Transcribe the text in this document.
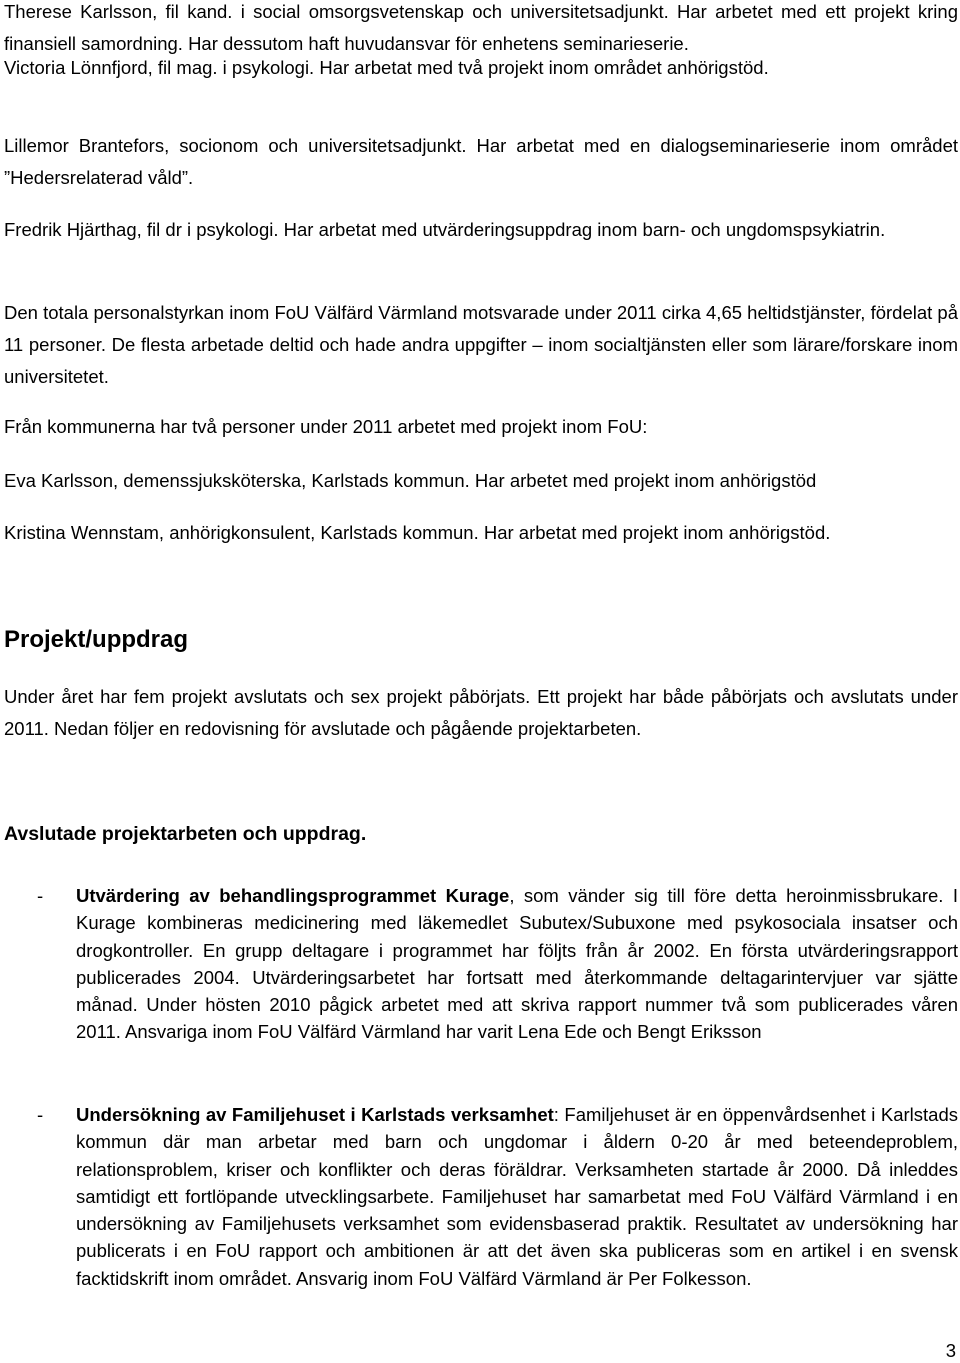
Therese Karlsson, fil kand. i social omsorgsvetenskap och universitetsadjunkt. Har arbetet med ett projekt kring finansiell samordning. Har dessutom haft huvudansvar för enhetens seminarieserie.

Victoria Lönnfjord, fil mag. i psykologi. Har arbetat med två projekt inom området anhörigstöd.

Lillemor Brantefors, socionom och universitetsadjunkt. Har arbetat med en dialogseminarieserie inom området ”Hedersrelaterad våld”.

Fredrik Hjärthag, fil dr i psykologi. Har arbetat med utvärderingsuppdrag inom barn- och ungdomspsykiatrin.

Den totala personalstyrkan inom FoU Välfärd Värmland motsvarade under 2011 cirka 4,65 heltidstjänster, fördelat på 11 personer. De flesta arbetade deltid och hade andra uppgifter – inom socialtjänsten eller som lärare/forskare inom universitetet.

Från kommunerna har två personer under 2011 arbetet med projekt inom FoU:

Eva Karlsson, demenssjuksköterska, Karlstads kommun. Har arbetet med projekt inom anhörigstöd

Kristina Wennstam, anhörigkonsulent, Karlstads kommun. Har arbetat med projekt inom anhörigstöd.

Projekt/uppdrag

Under året har fem projekt avslutats och sex projekt påbörjats. Ett projekt har både påbörjats och avslutats under 2011. Nedan följer en redovisning för avslutade och pågående projektarbeten.

Avslutade projektarbeten och uppdrag.
- Utvärdering av behandlingsprogrammet Kurage, som vänder sig till före detta heroinmissbrukare. I Kurage kombineras medicinering med läkemedlet Subutex/Subuxone med psykosociala insatser och drogkontroller. En grupp deltagare i programmet har följts från år 2002. En första utvärderingsrapport publicerades 2004. Utvärderingsarbetet har fortsatt med återkommande deltagarintervjuer var sjätte månad. Under hösten 2010 pågick arbetet med att skriva rapport nummer två som publicerades våren 2011. Ansvariga inom FoU Välfärd Värmland har varit Lena Ede och Bengt Eriksson
- Undersökning av Familjehuset i Karlstads verksamhet: Familjehuset är en öppenvårdsenhet i Karlstads kommun där man arbetar med barn och ungdomar i åldern 0-20 år med beteendeproblem, relationsproblem, kriser och konflikter och deras föräldrar. Verksamheten startade år 2000. Då inleddes samtidigt ett fortlöpande utvecklingsarbete. Familjehuset har samarbetat med FoU Välfärd Värmland i en undersökning av Familjehusets verksamhet som evidensbaserad praktik. Resultatet av undersökning har publicerats i en FoU rapport och ambitionen är att det även ska publiceras som en artikel i en svensk facktidskrift inom området. Ansvarig inom FoU Välfärd Värmland är Per Folkesson.
3
